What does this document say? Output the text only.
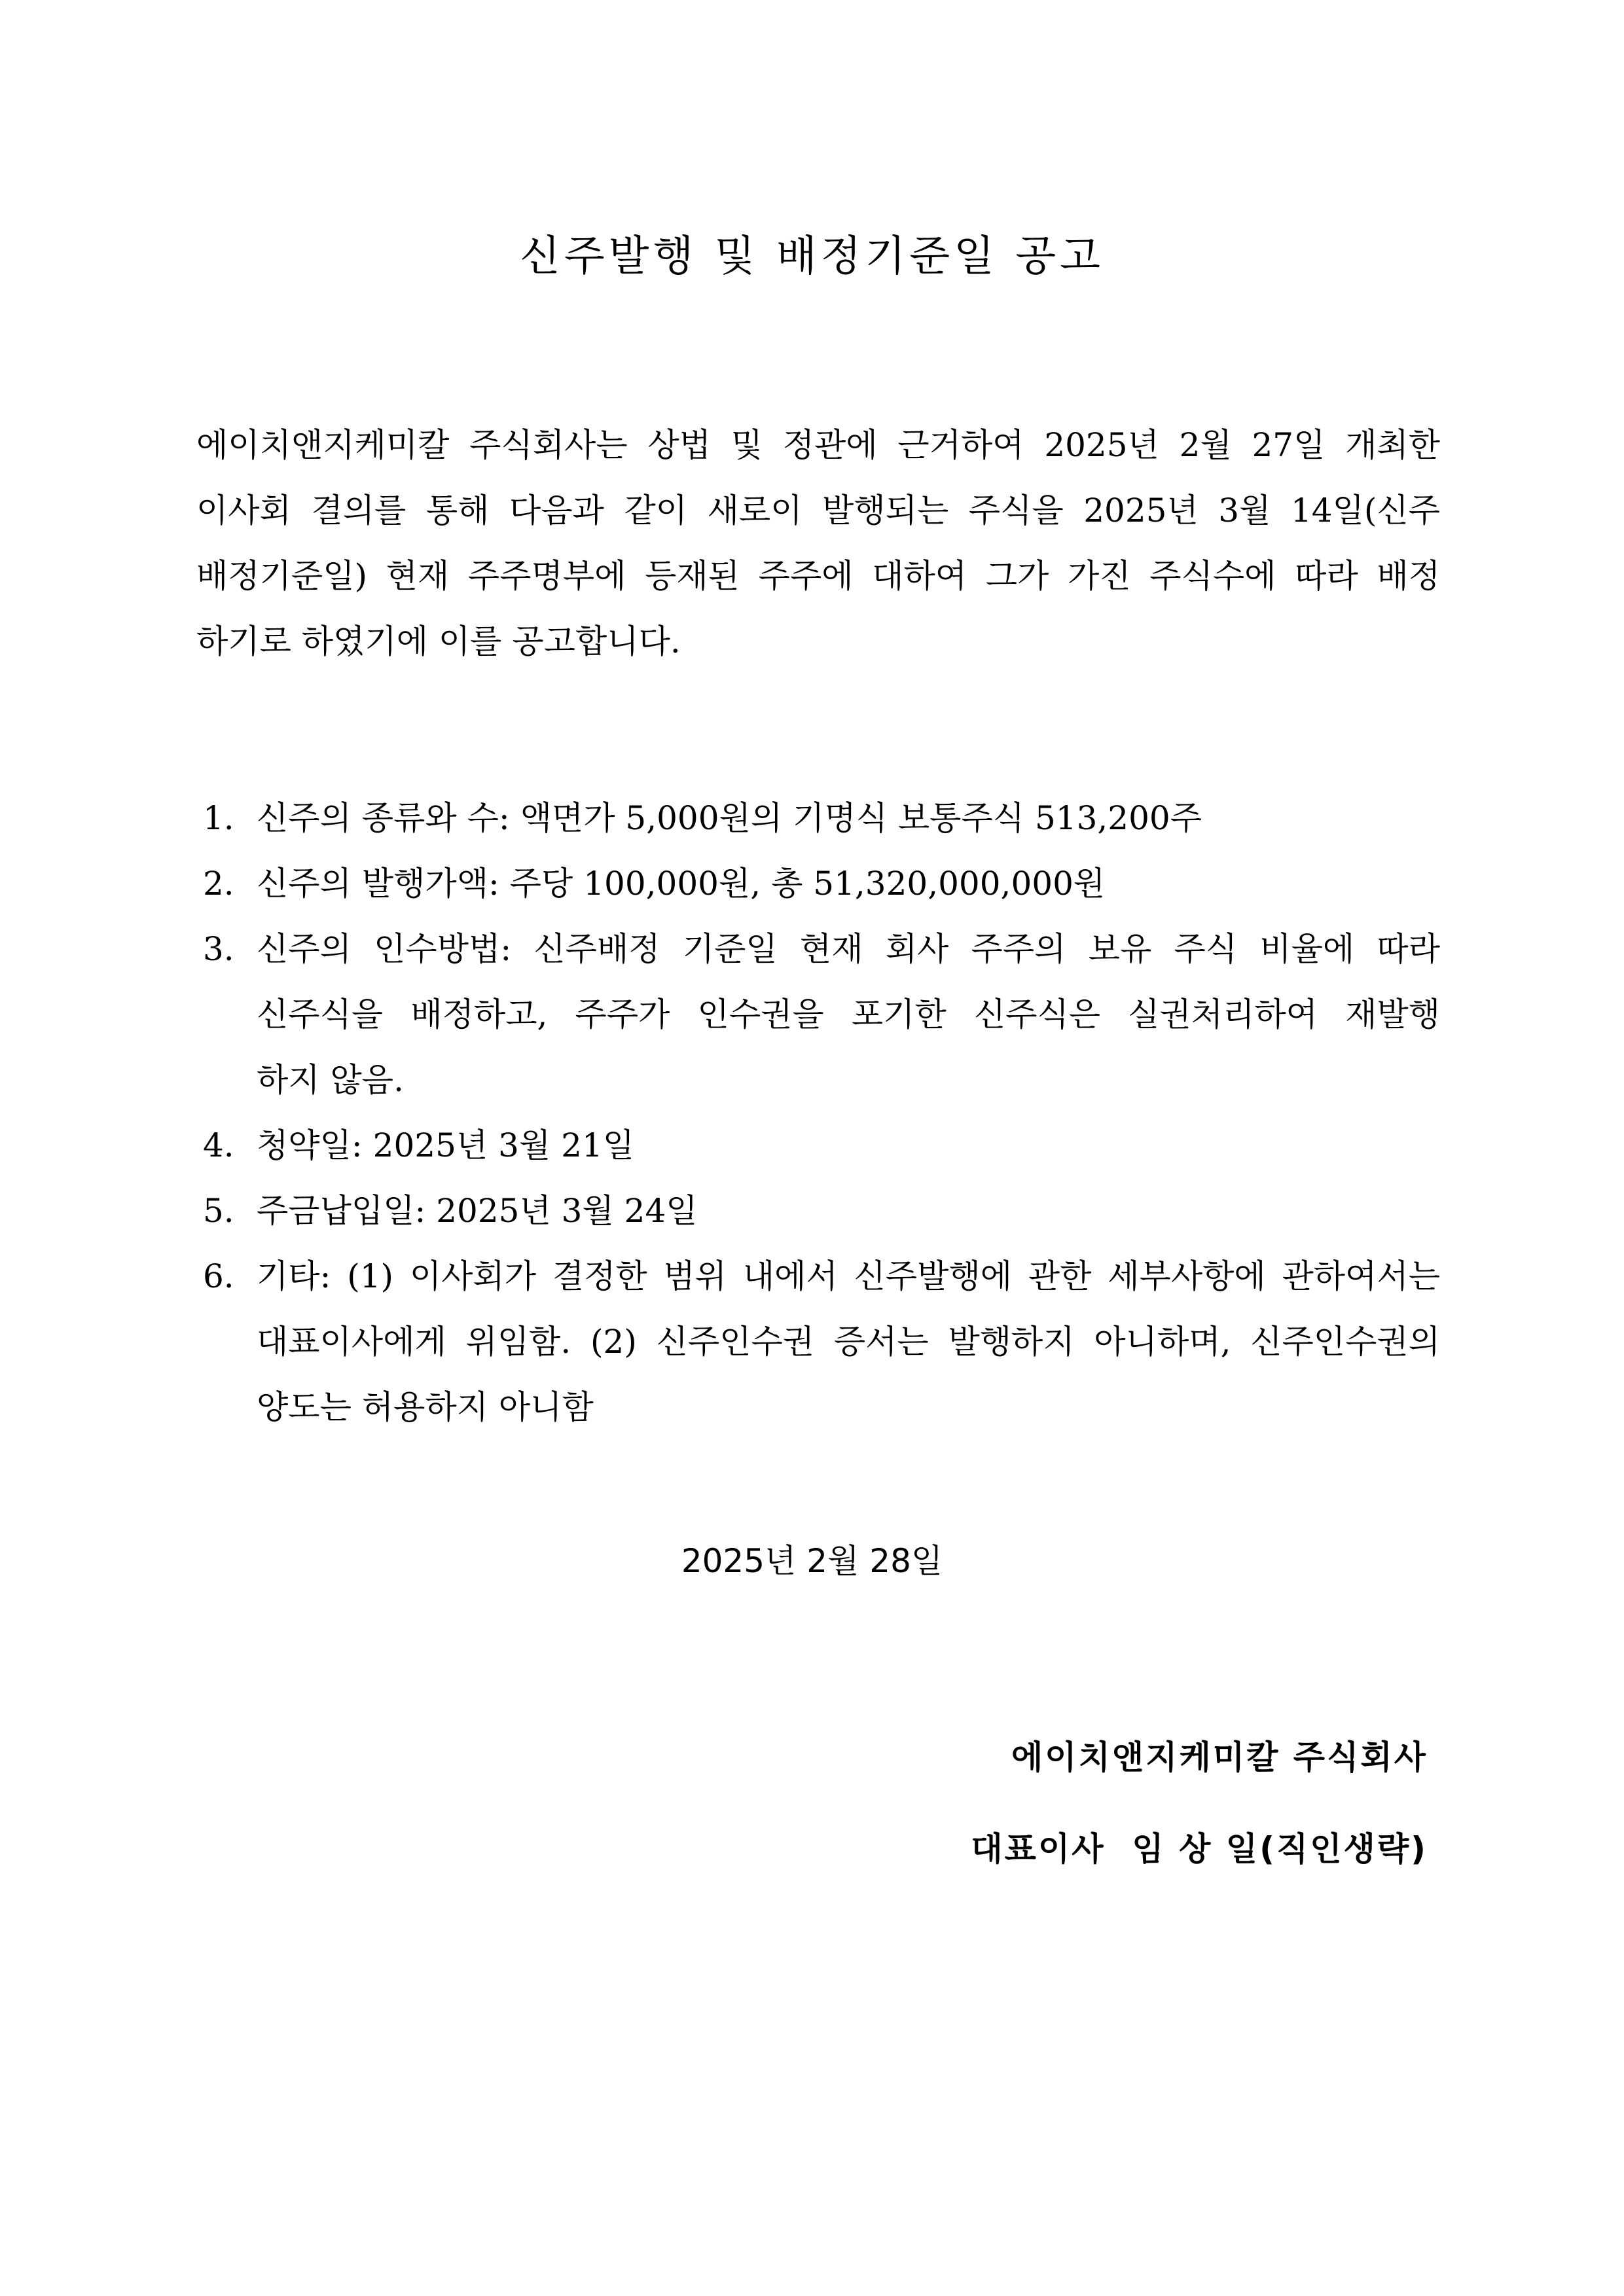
신주발행 및 배정기준일 공고
에이치앤지케미칼 주식회사는 상법 및 정관에 근거하여 2025년 2월 27일 개최한
이사회 결의를 통해 다음과 같이 새로이 발행되는 주식을 2025년 3월 14일(신주
배정기준일) 현재 주주명부에 등재된 주주에 대하여 그가 가진 주식수에 따라 배정
하기로 하였기에 이를 공고합니다.
1. 신주의 종류와 수: 액면가 5,000원의 기명식 보통주식 513,200주
2. 신주의 발행가액: 주당 100,000원, 총 51,320,000,000원
3. 신주의 인수방법: 신주배정 기준일 현재 회사 주주의 보유 주식 비율에 따라
신주식을 배정하고, 주주가 인수권을 포기한 신주식은 실권처리하여 재발행
하지 않음.
4. 청약일: 2025년 3월 21일
5. 주금납입일: 2025년 3월 24일
6. 기타: (1) 이사회가 결정한 범위 내에서 신주발행에 관한 세부사항에 관하여서는
대표이사에게 위임함. (2) 신주인수권 증서는 발행하지 아니하며, 신주인수권의
양도는 허용하지 아니함
2025년 2월 28일
에이치앤지케미칼 주식회사
대표이사  임 상 일(직인생략)
